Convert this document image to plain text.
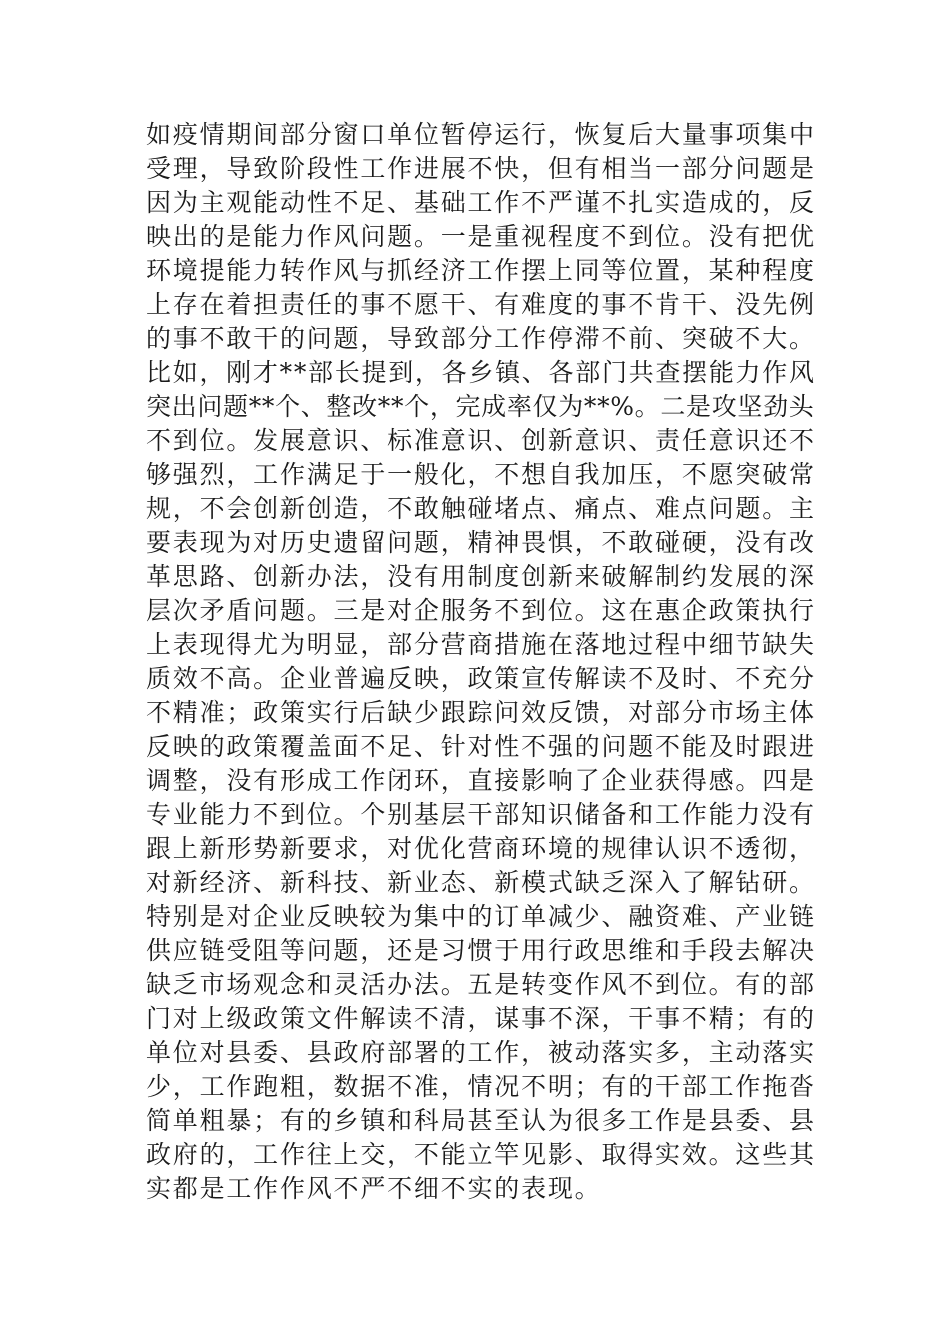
如疫情期间部分窗口单位暂停运行，恢复后大量事项集中
受理，导致阶段性工作进展不快，但有相当一部分问题是
因为主观能动性不足、基础工作不严谨不扎实造成的，反
映出的是能力作风问题。一是重视程度不到位。没有把优
环境提能力转作风与抓经济工作摆上同等位置，某种程度
上存在着担责任的事不愿干、有难度的事不肯干、没先例
的事不敢干的问题，导致部分工作停滞不前、突破不大。
比如，刚才**部长提到，各乡镇、各部门共查摆能力作风
突出问题**个、整改**个，完成率仅为**%。二是攻坚劲头
不到位。发展意识、标准意识、创新意识、责任意识还不
够强烈，工作满足于一般化，不想自我加压，不愿突破常
规，不会创新创造，不敢触碰堵点、痛点、难点问题。主
要表现为对历史遗留问题，精神畏惧，不敢碰硬，没有改
革思路、创新办法，没有用制度创新来破解制约发展的深
层次矛盾问题。三是对企服务不到位。这在惠企政策执行
上表现得尤为明显，部分营商措施在落地过程中细节缺失
质效不高。企业普遍反映，政策宣传解读不及时、不充分
不精准；政策实行后缺少跟踪问效反馈，对部分市场主体
反映的政策覆盖面不足、针对性不强的问题不能及时跟进
调整，没有形成工作闭环，直接影响了企业获得感。四是
专业能力不到位。个别基层干部知识储备和工作能力没有
跟上新形势新要求，对优化营商环境的规律认识不透彻，
对新经济、新科技、新业态、新模式缺乏深入了解钻研。
特别是对企业反映较为集中的订单减少、融资难、产业链
供应链受阻等问题，还是习惯于用行政思维和手段去解决
缺乏市场观念和灵活办法。五是转变作风不到位。有的部
门对上级政策文件解读不清，谋事不深，干事不精；有的
单位对县委、县政府部署的工作，被动落实多，主动落实
少，工作跑粗，数据不准，情况不明；有的干部工作拖沓
简单粗暴；有的乡镇和科局甚至认为很多工作是县委、县
政府的，工作往上交，不能立竿见影、取得实效。这些其
实都是工作作风不严不细不实的表现。
